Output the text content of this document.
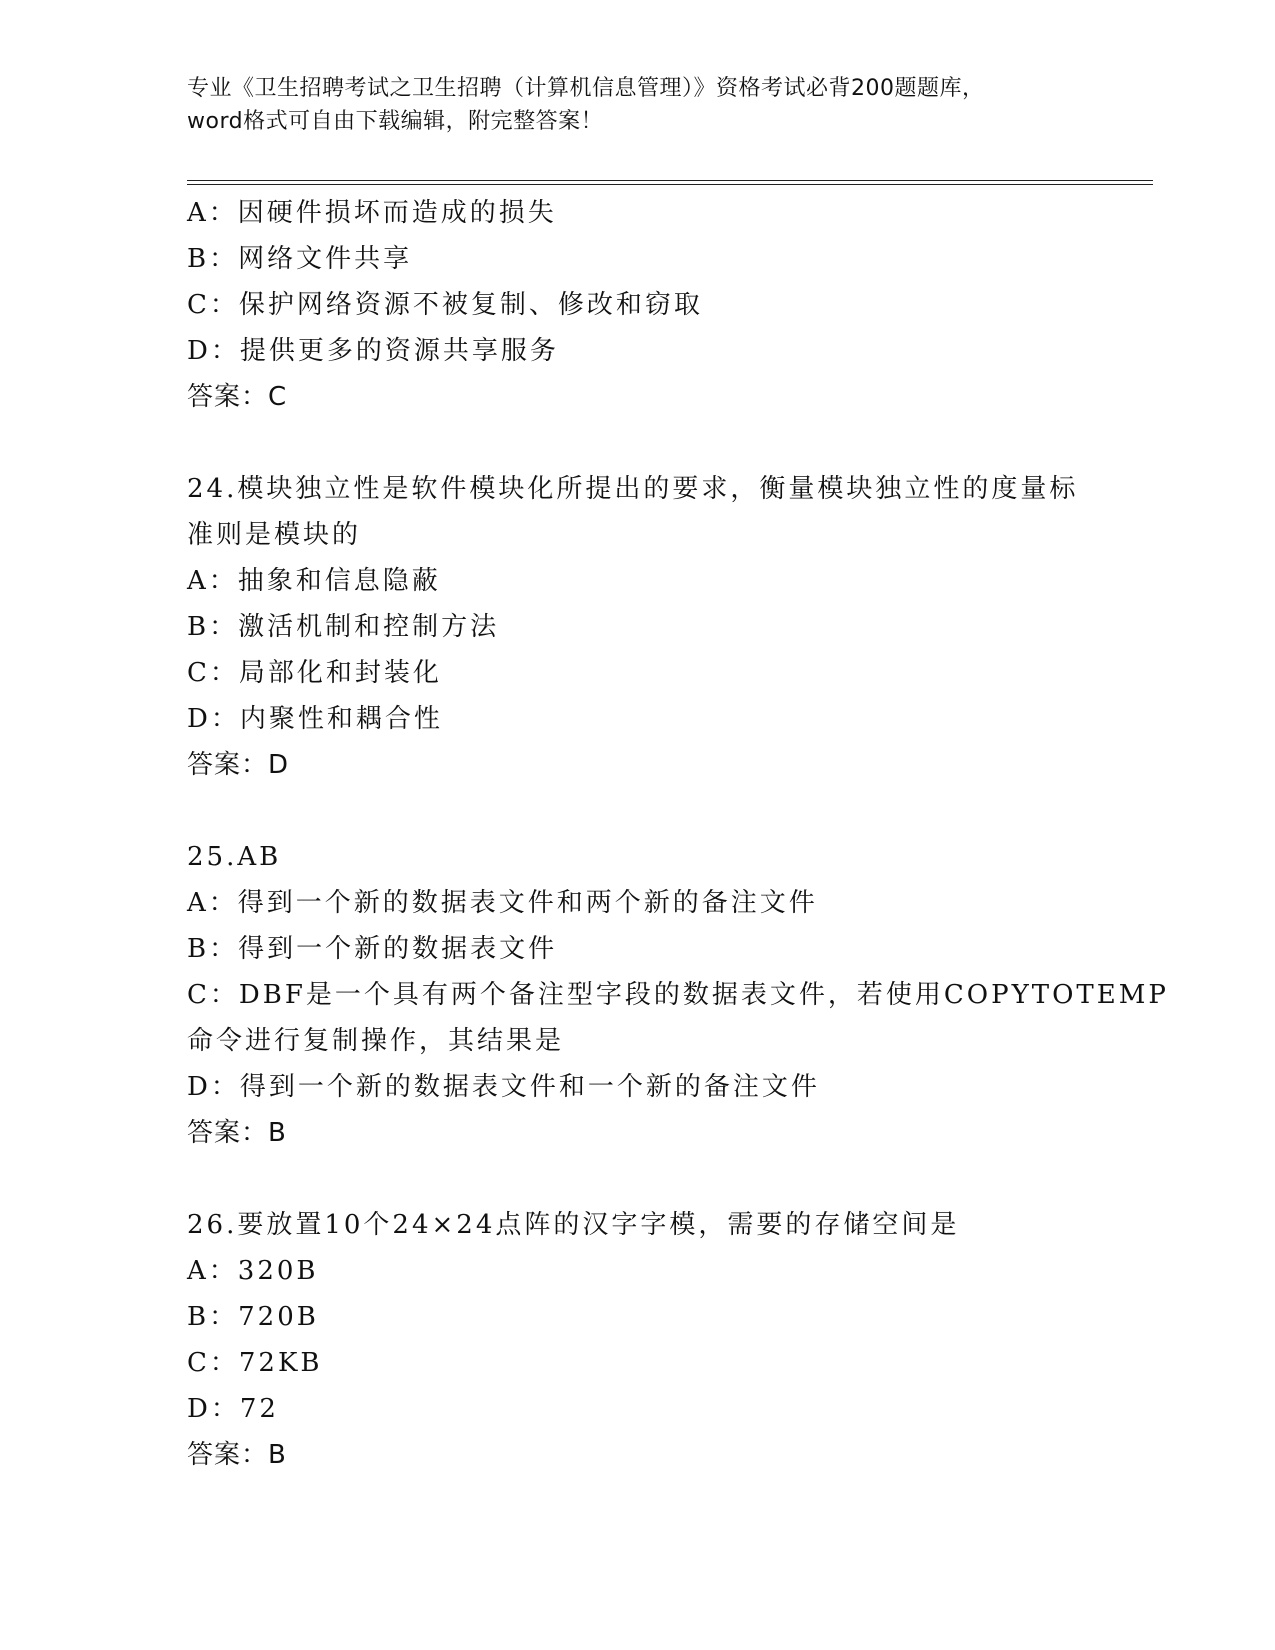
专业《卫生招聘考试之卫生招聘（计算机信息管理）》资格考试必背200题题库，
word格式可自由下载编辑，附完整答案！
A：因硬件损坏而造成的损失
B：网络文件共享
C：保护网络资源不被复制、修改和窃取
D：提供更多的资源共享服务
答案：C
24.模块独立性是软件模块化所提出的要求，衡量模块独立性的度量标
准则是模块的
A：抽象和信息隐蔽
B：激活机制和控制方法
C：局部化和封装化
D：内聚性和耦合性
答案：D
25.AB
A：得到一个新的数据表文件和两个新的备注文件
B：得到一个新的数据表文件
C：DBF是一个具有两个备注型字段的数据表文件，若使用COPYTOTEMP
命令进行复制操作，其结果是
D：得到一个新的数据表文件和一个新的备注文件
答案：B
26.要放置10个24×24点阵的汉字字模，需要的存储空间是
A：320B
B：720B
C：72KB
D：72
答案：B
